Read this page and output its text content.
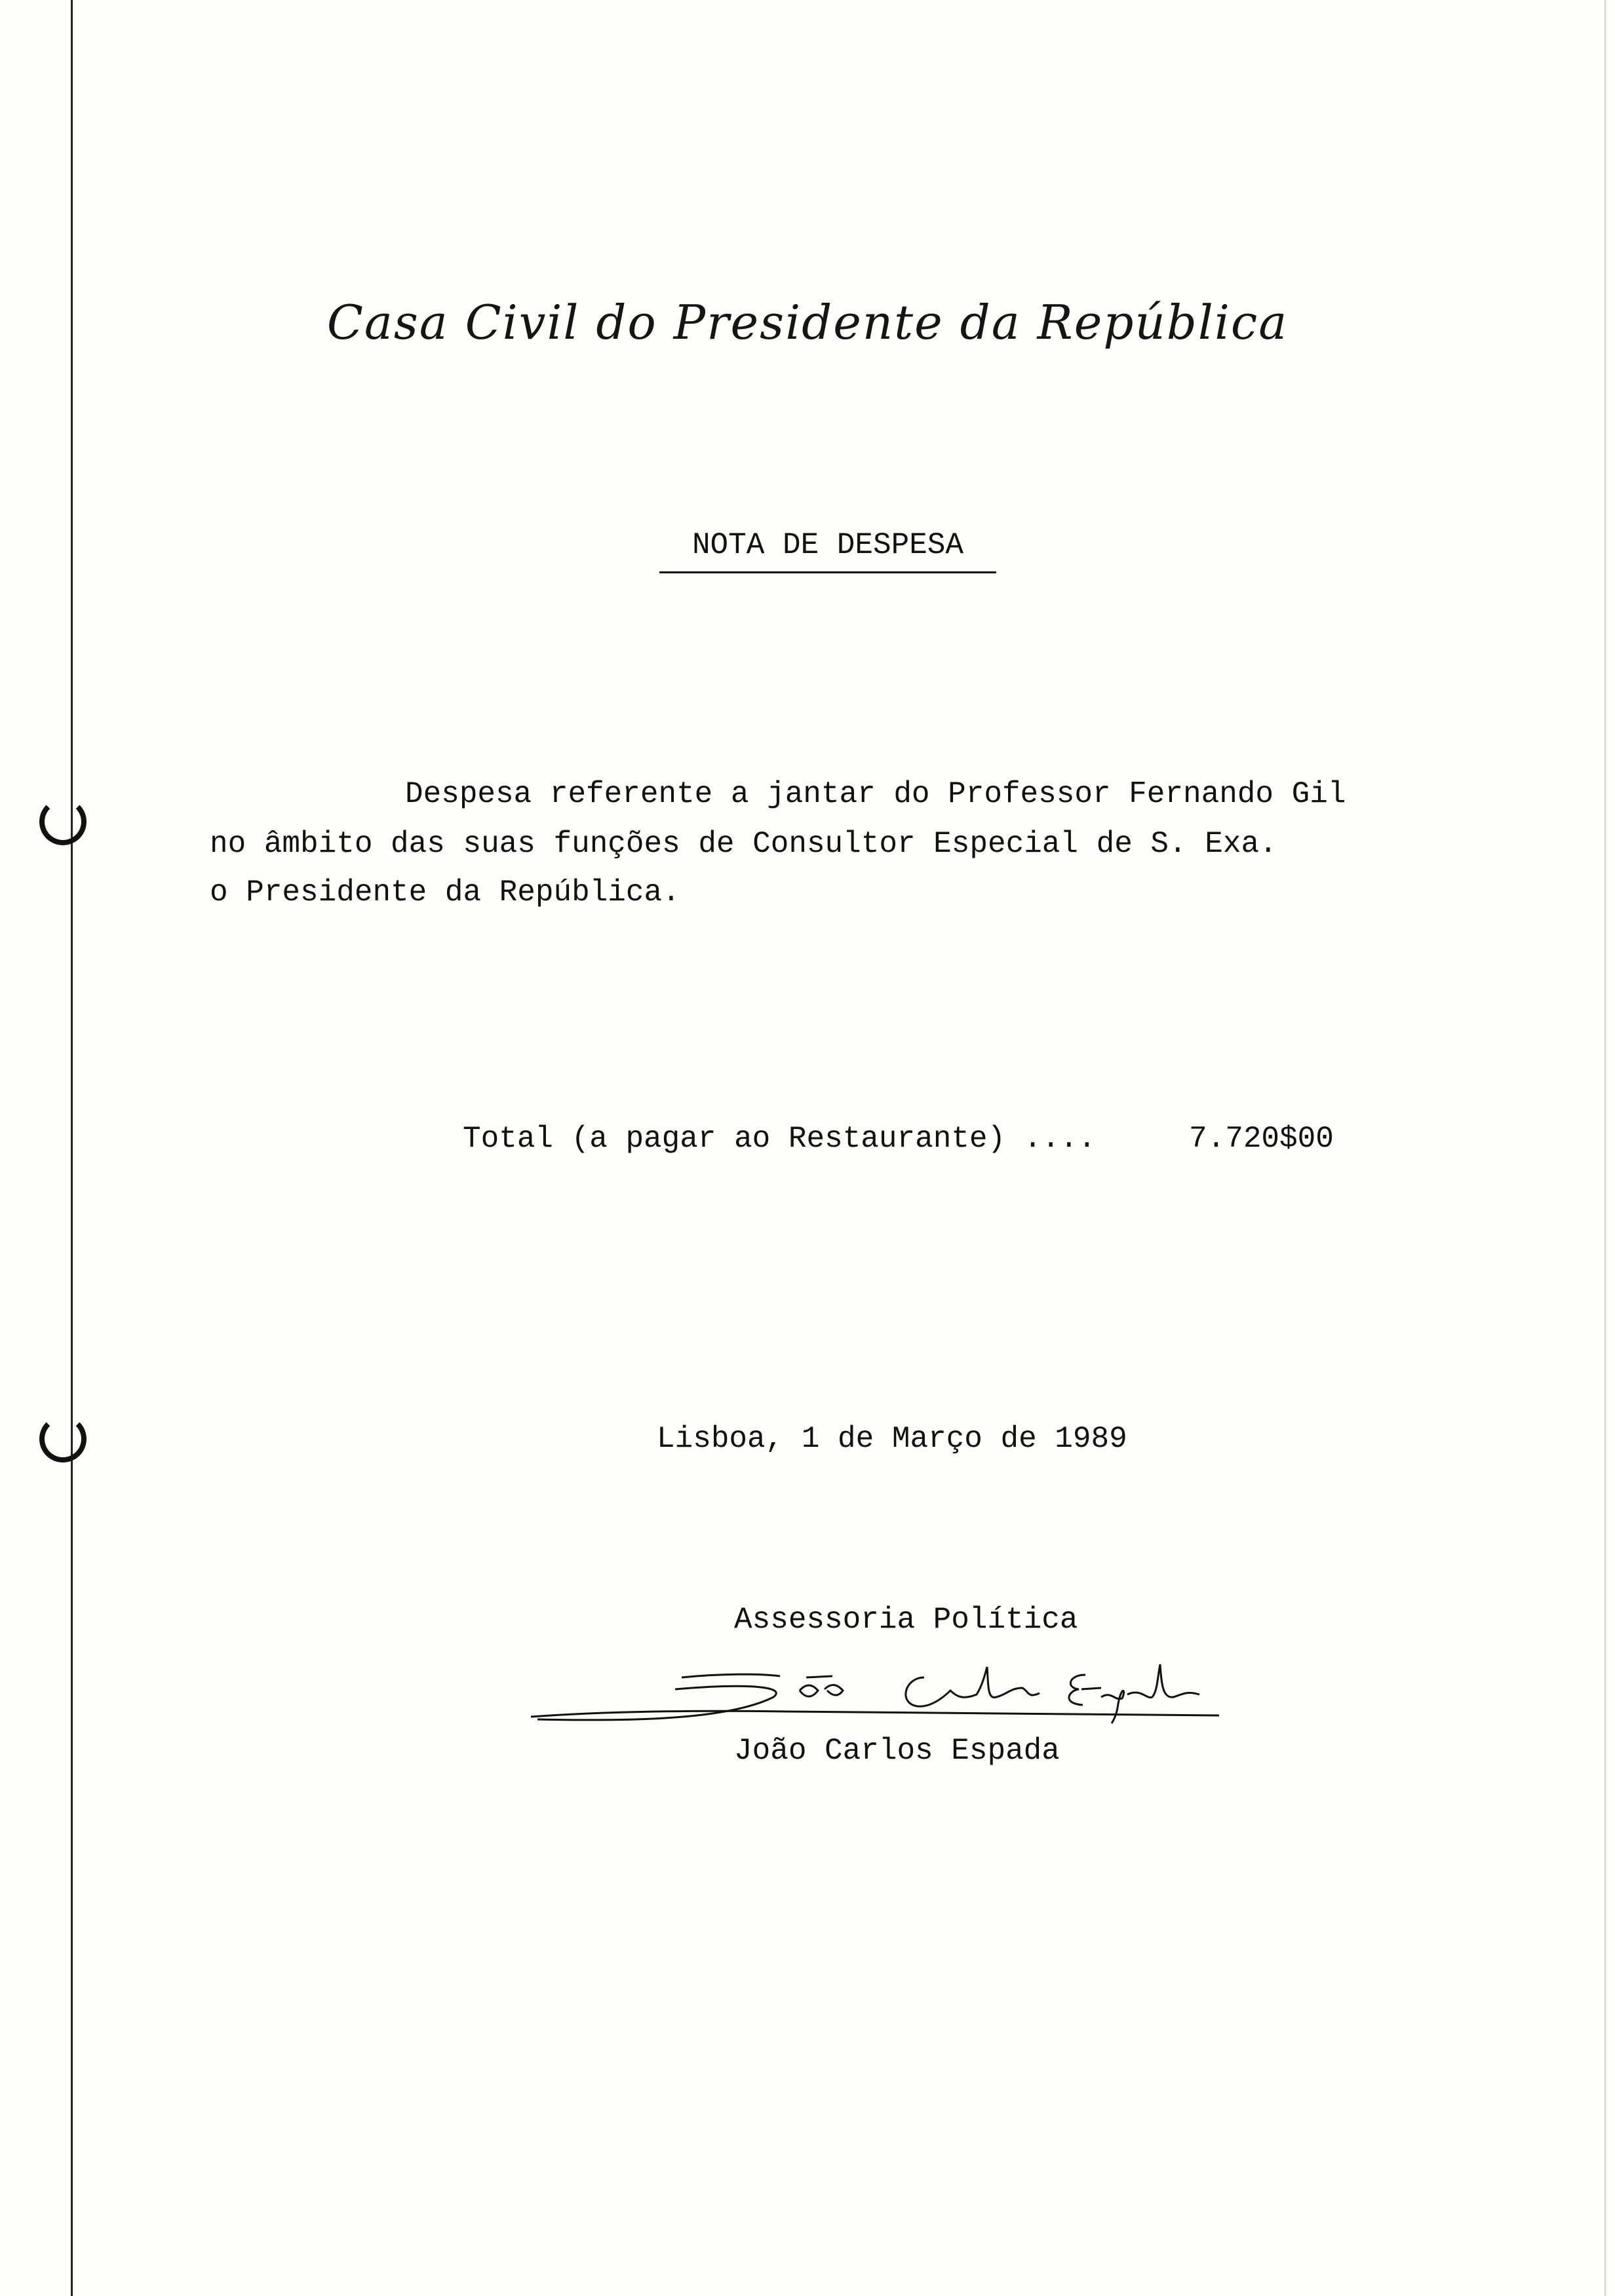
Casa Civil do Presidente da República
NOTA DE DESPESA
Despesa referente a jantar do Professor Fernando Gil
no âmbito das suas funções de Consultor Especial de S. Exa.
o Presidente da República.
Total (a pagar ao Restaurante) ....	7.720$00
Lisboa, 1 de Março de 1989
Assessoria Política
João Carlos Espada
